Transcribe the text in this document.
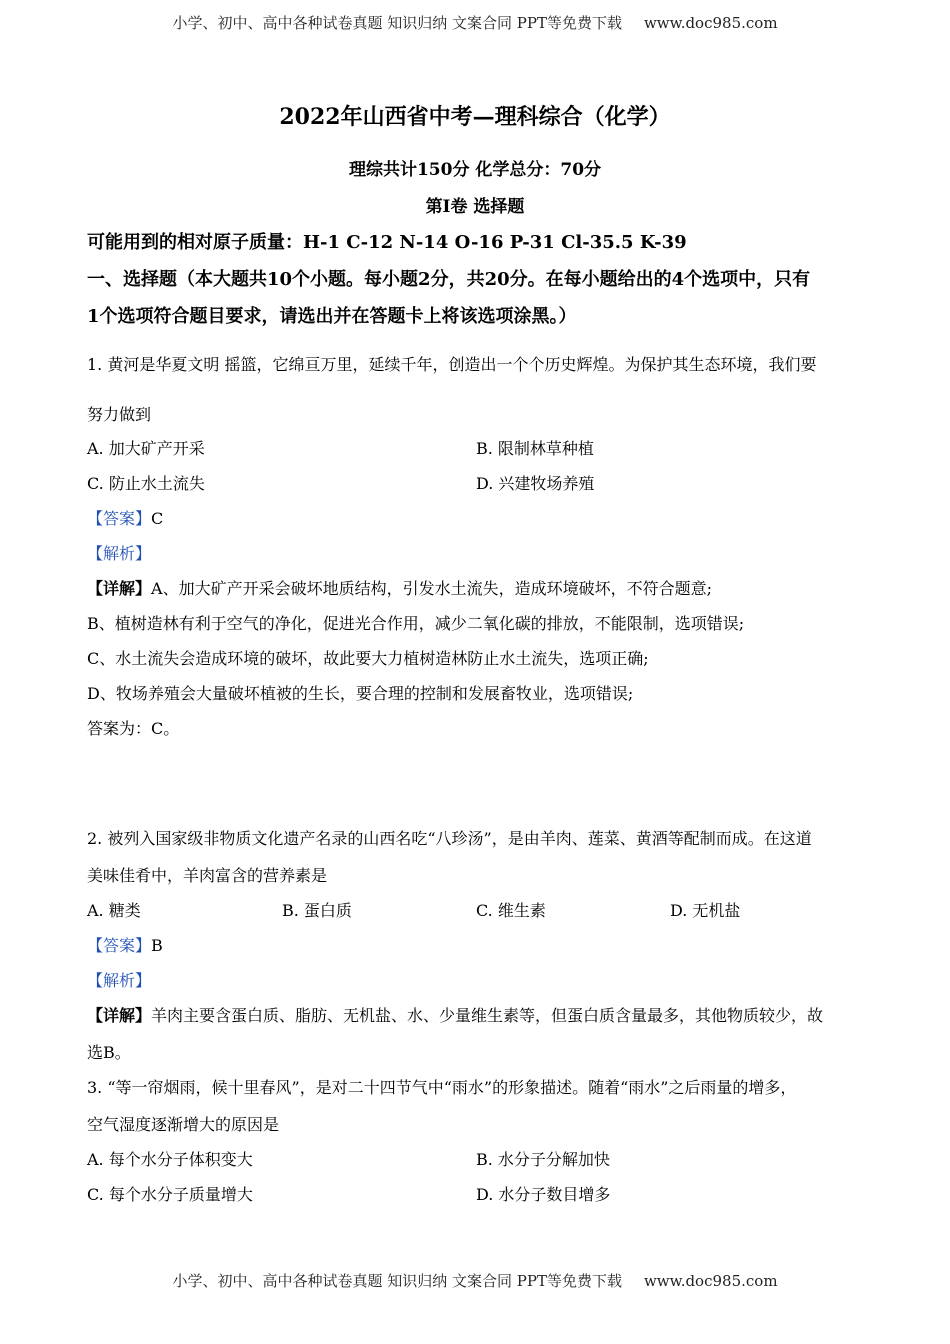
小学、初中、高中各种试卷真题 知识归纳 文案合同 PPT等免费下载 www.doc985.com
2022年山西省中考—理科综合（化学）
理综共计150分 化学总分：70分
第Ⅰ卷 选择题
可能用到的相对原子质量：H-1 C-12 N-14 O-16 P-31 Cl-35.5 K-39
一、选择题（本大题共10个小题。每小题2分，共20分。在每小题给出的4个选项中，只有
1个选项符合题目要求，请选出并在答题卡上将该选项涂黑。）
1. 黄河是华夏文明 摇篮，它绵亘万里，延续千年，创造出一个个历史辉煌。为保护其生态环境，我们要
努力做到
A. 加大矿产开采	B. 限制林草种植
C. 防止水土流失	D. 兴建牧场养殖
【答案】C
【解析】
【详解】A、加大矿产开采会破坏地质结构，引发水土流失，造成环境破坏，不符合题意;
B、植树造林有利于空气的净化，促进光合作用，减少二氧化碳的排放，不能限制，选项错误;
C、水土流失会造成环境的破坏，故此要大力植树造林防止水土流失，选项正确;
D、牧场养殖会大量破坏植被的生长，要合理的控制和发展畜牧业，选项错误;
答案为：C。
2. 被列入国家级非物质文化遗产名录的山西名吃“八珍汤”，是由羊肉、莲菜、黄酒等配制而成。在这道
美味佳肴中，羊肉富含的营养素是
A. 糖类	B. 蛋白质	C. 维生素	D. 无机盐
【答案】B
【解析】
【详解】羊肉主要含蛋白质、脂肪、无机盐、水、少量维生素等，但蛋白质含量最多，其他物质较少，故
选B。
3. “等一帘烟雨，候十里春风”，是对二十四节气中“雨水”的形象描述。随着“雨水”之后雨量的增多，
空气湿度逐渐增大的原因是
A. 每个水分子体积变大	B. 水分子分解加快
C. 每个水分子质量增大	D. 水分子数目增多
小学、初中、高中各种试卷真题 知识归纳 文案合同 PPT等免费下载 www.doc985.com
